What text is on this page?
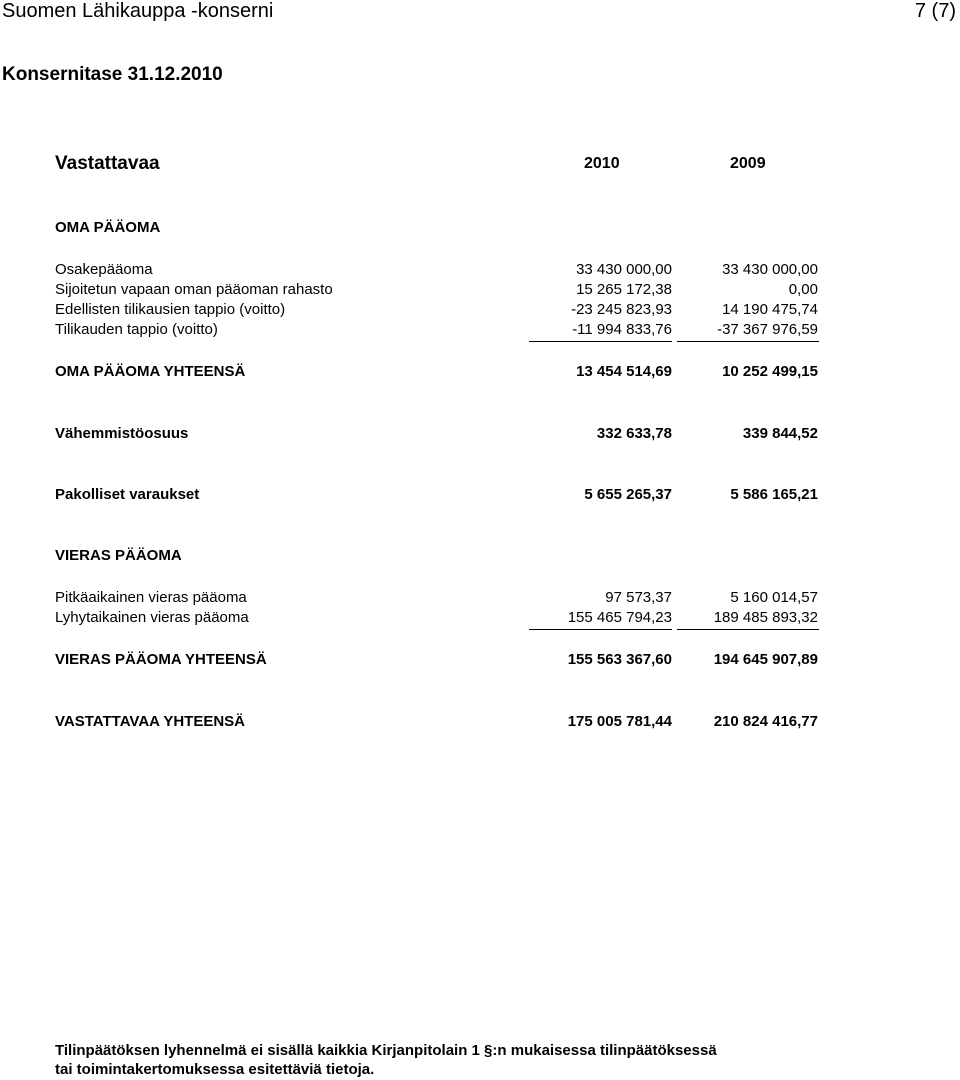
Suomen Lähikauppa -konserni	7 (7)
Konsernitase 31.12.2010
Vastattavaa	2010	2009
OMA PÄÄOMA
Osakepääoma	33 430 000,00	33 430 000,00
Sijoitetun vapaan oman pääoman rahasto	15 265 172,38	0,00
Edellisten tilikausien tappio (voitto)	-23 245 823,93	14 190 475,74
Tilikauden tappio (voitto)	-11 994 833,76	-37 367 976,59
OMA PÄÄOMA YHTEENSÄ	13 454 514,69	10 252 499,15
Vähemmistöosuus	332 633,78	339 844,52
Pakolliset varaukset	5 655 265,37	5 586 165,21
VIERAS PÄÄOMA
Pitkäaikainen vieras pääoma	97 573,37	5 160 014,57
Lyhytaikainen vieras pääoma	155 465 794,23	189 485 893,32
VIERAS PÄÄOMA YHTEENSÄ	155 563 367,60	194 645 907,89
VASTATTAVAA YHTEENSÄ	175 005 781,44	210 824 416,77
Tilinpäätöksen lyhennelmä ei sisällä kaikkia Kirjanpitolain 1 §:n mukaisessa tilinpäätöksessä
tai toimintakertomuksessa esitettäviä tietoja.
